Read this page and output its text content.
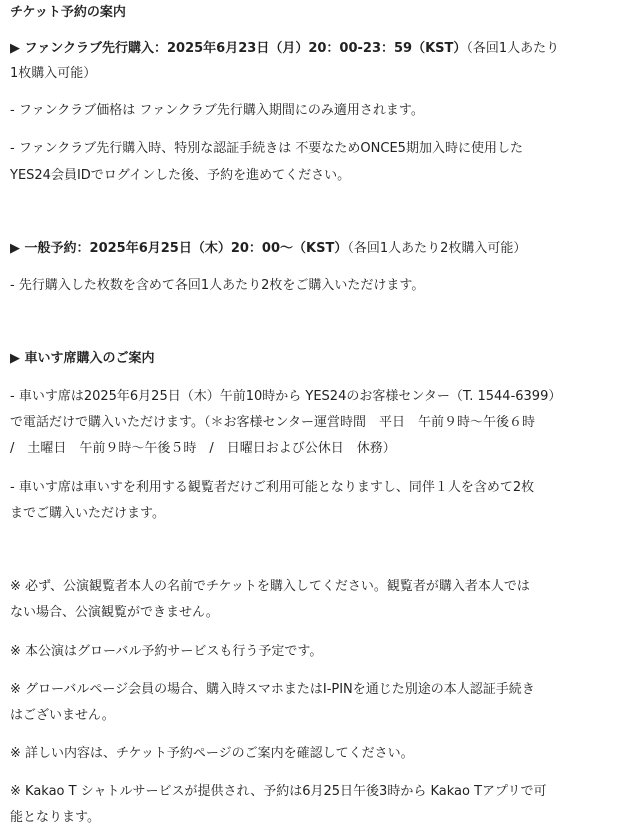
チケット予約の案内
▶ ファンクラブ先行購入：2025年6月23日（月）20：00-23：59（KST）（各回1人あたり
1枚購入可能）
- ファンクラブ価格は ファンクラブ先行購入期間にのみ適用されます。
- ファンクラブ先行購入時、特別な認証手続きは 不要なためONCE5期加入時に使用した
YES24会員IDでログインした後、予約を進めてください。
▶ 一般予約：2025年6月25日（木）20：00〜（KST）（各回1人あたり2枚購入可能）
- 先行購入した枚数を含めて各回1人あたり2枚をご購入いただけます。
▶ 車いす席購入のご案内
- 車いす席は2025年6月25日（木）午前10時から YES24のお客様センター（T. 1544-6399）
で電話だけで購入いただけます。（＊お客様センター運営時間　平日　午前９時～午後６時
/　土曜日　午前９時～午後５時　/　日曜日および公休日　休務）
- 車いす席は車いすを利用する観覧者だけご利用可能となりますし、同伴１人を含めて2枚
までご購入いただけます。
※ 必ず、公演観覧者本人の名前でチケットを購入してください。観覧者が購入者本人では
ない場合、公演観覧ができません。
※ 本公演はグローバル予約サービスも行う予定です。
※ グローバルページ会員の場合、購入時スマホまたはI-PINを通じた別途の本人認証手続き
はございません。
※ 詳しい内容は、チケット予約ページのご案内を確認してください。
※ Kakao T シャトルサービスが提供され、予約は6月25日午後3時から Kakao Tアプリで可
能となります。
